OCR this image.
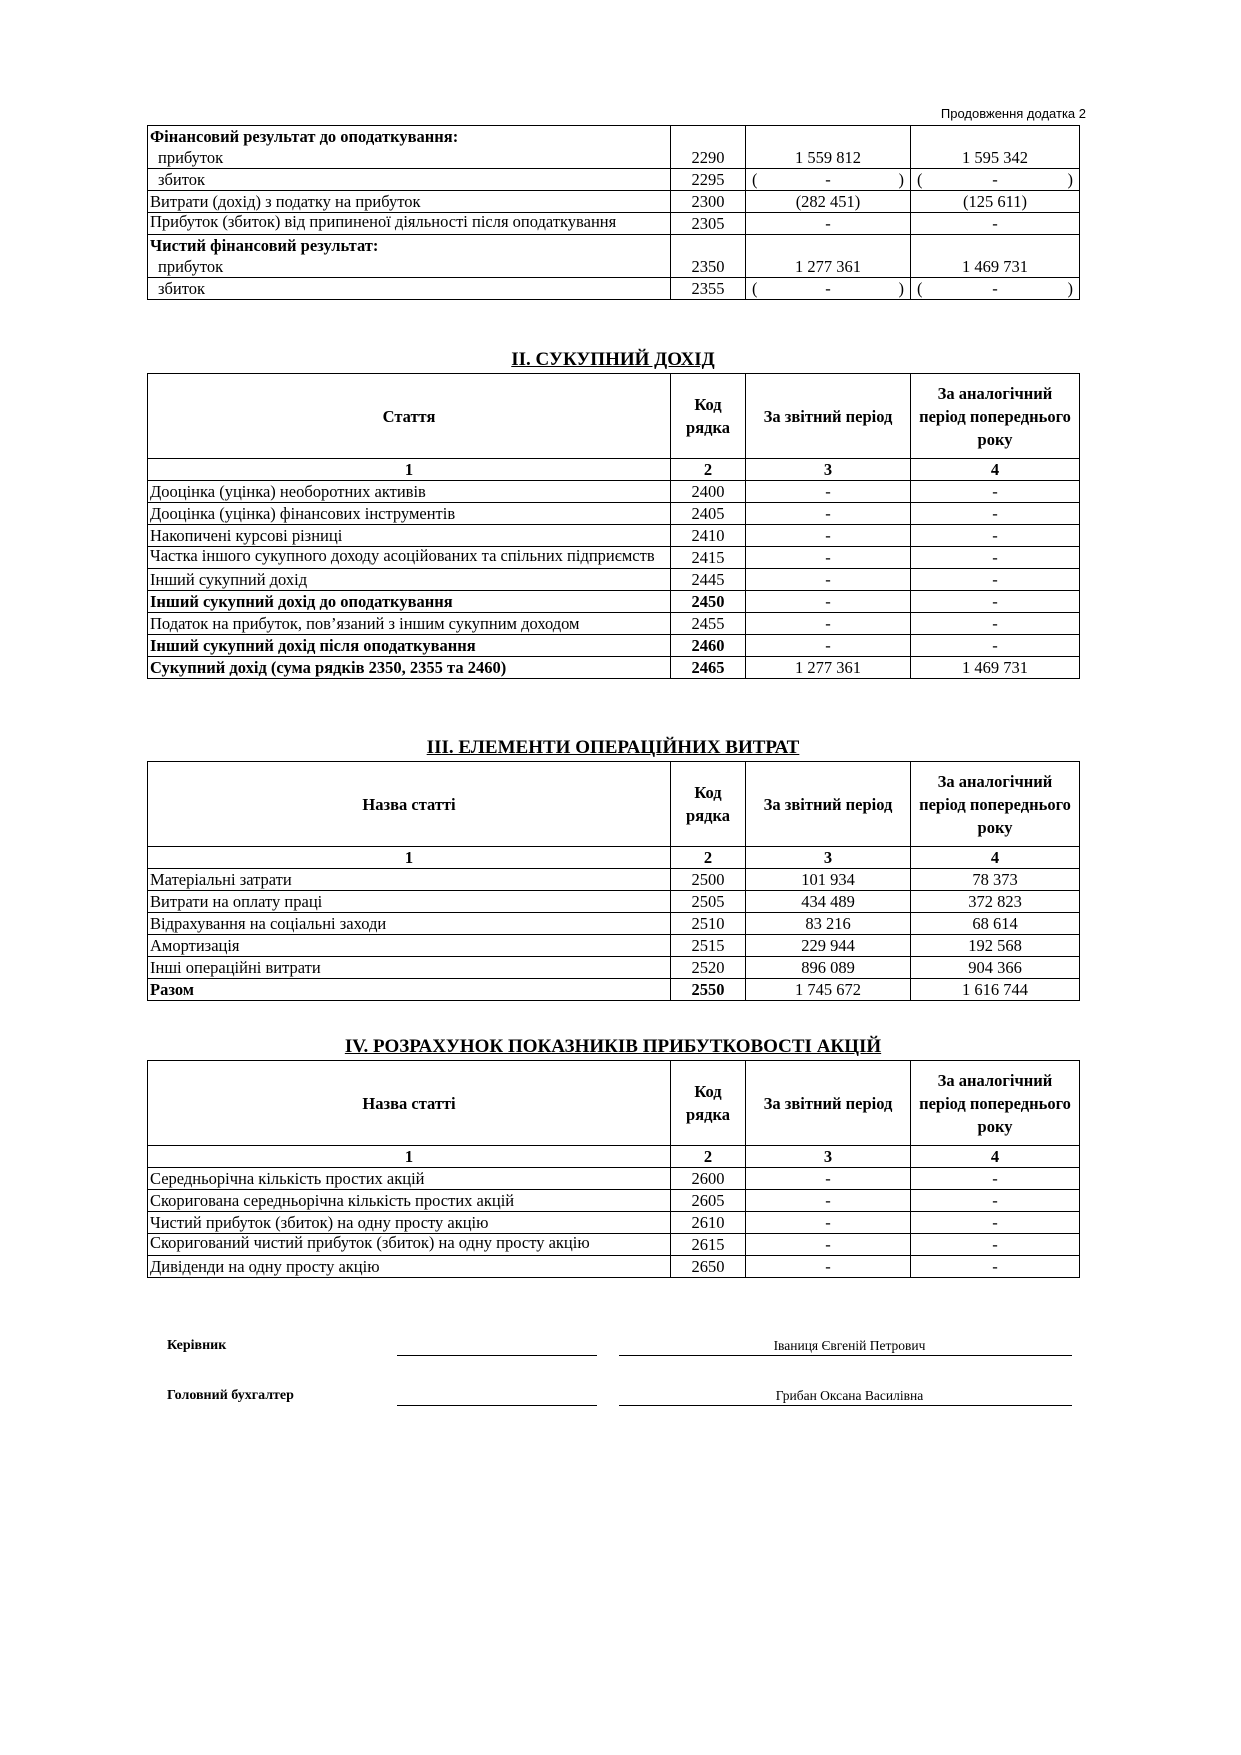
Продовження додатка 2
Фінансовий результат до оподаткування:			
прибуток	2290	1 559 812	1 595 342
збиток	2295	( - )	( - )

Витрати (дохід) з податку на прибуток	2300	(282 451)	(125 611)
Прибуток (збиток) від припиненої діяльності після оподаткування	2305	-	-
Чистий фінансовий результат:			
прибуток	2350	1 277 361	1 469 731
збиток	2355	( - )	( - )
II. СУКУПНИЙ ДОХІД
Стаття	Код рядка	За звітний період	За аналогічний період попереднього року
1	2	3	4
Дооцінка (уцінка) необоротних активів	2400	-	-
Дооцінка (уцінка) фінансових інструментів	2405	-	-
Накопичені курсові різниці	2410	-	-
Частка іншого сукупного доходу асоційованих та спільних підприємств	2415	-	-
Інший сукупний дохід	2445	-	-
Інший сукупний дохід до оподаткування	2450	-	-
Податок на прибуток, пов’язаний з іншим сукупним доходом	2455	-	-
Інший сукупний дохід після оподаткування	2460	-	-
Сукупний дохід (сума рядків 2350, 2355 та 2460)	2465	1 277 361	1 469 731
III. ЕЛЕМЕНТИ ОПЕРАЦІЙНИХ ВИТРАТ
Назва статті	Код рядка	За звітний період	За аналогічний період попереднього року
1	2	3	4
Матеріальні затрати	2500	101 934	78 373
Витрати на оплату праці	2505	434 489	372 823
Відрахування на соціальні заходи	2510	83 216	68 614
Амортизація	2515	229 944	192 568
Інші операційні витрати	2520	896 089	904 366
Разом	2550	1 745 672	1 616 744
IV. РОЗРАХУНОК ПОКАЗНИКІВ ПРИБУТКОВОСТІ АКЦІЙ
Назва статті	Код рядка	За звітний період	За аналогічний період попереднього року
1	2	3	4
Середньорічна кількість простих акцій	2600	-	-
Скоригована середньорічна кількість простих акцій	2605	-	-
Чистий прибуток (збиток) на одну просту акцію	2610	-	-
Скоригований чистий прибуток (збиток) на одну просту акцію	2615	-	-
Дивіденди на одну просту акцію	2650	-	-
Керівник	Іваниця Євгеній Петрович
Головний бухгалтер	Грибан Оксана Василівна
